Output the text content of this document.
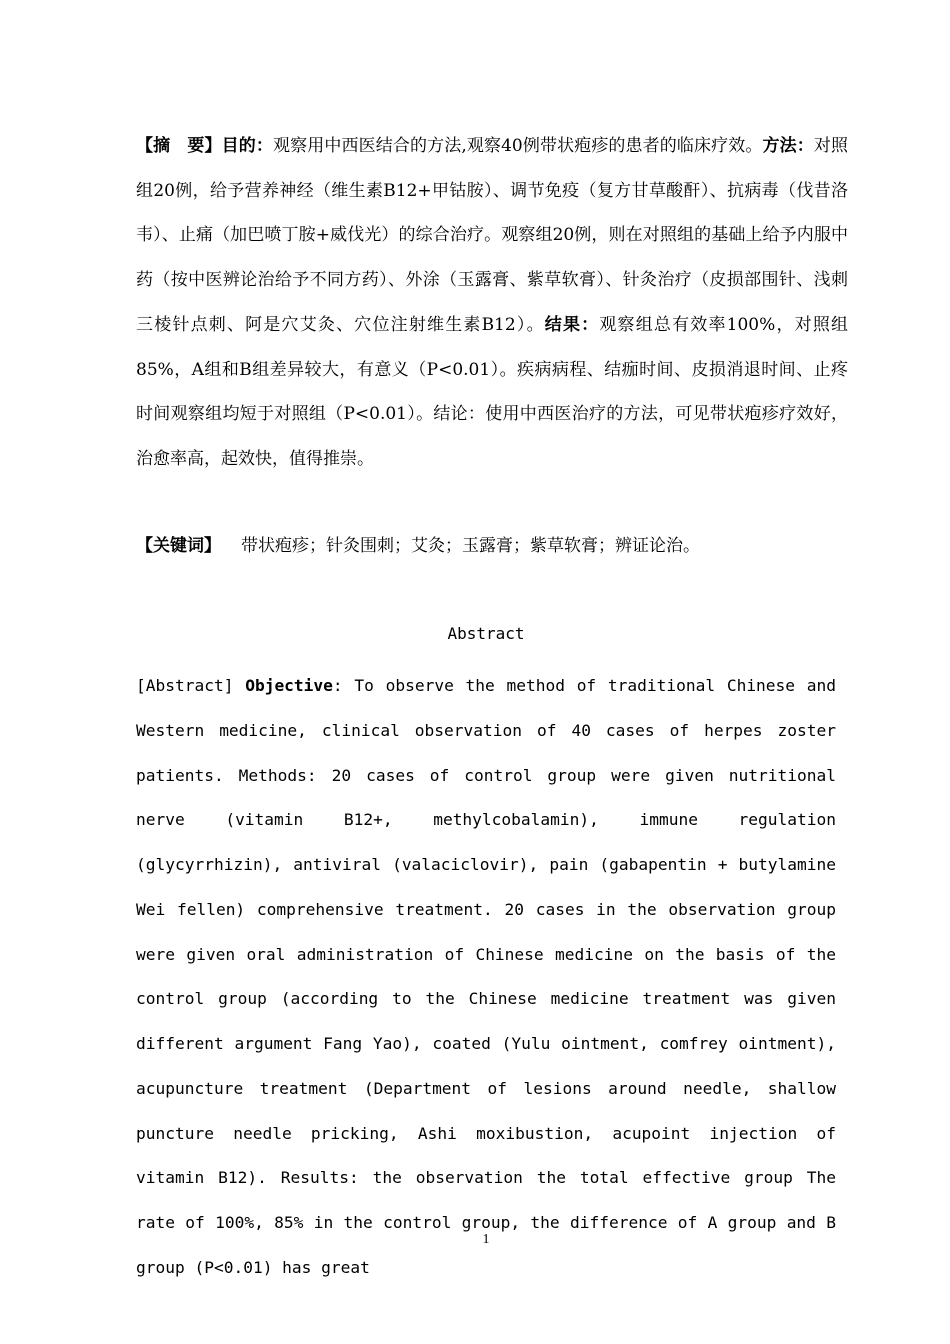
【摘　要】目的：观察用中西医结合的方法,观察40例带状疱疹的患者的临床疗效。方法：对照组20例，给予营养神经（维生素B12+甲钴胺）、调节免疫（复方甘草酸酐）、抗病毒（伐昔洛韦）、止痛（加巴喷丁胺+威伐光）的综合治疗。观察组20例，则在对照组的基础上给予内服中药（按中医辨论治给予不同方药）、外涂（玉露膏、紫草软膏）、针灸治疗（皮损部围针、浅刺三棱针点刺、阿是穴艾灸、穴位注射维生素B12）。结果：观察组总有效率100%，对照组85%，A组和B组差异较大，有意义（P<0.01）。疾病病程、结痂时间、皮损消退时间、止疼时间观察组均短于对照组（P<0.01）。结论：使用中西医治疗的方法，可见带状疱疹疗效好，治愈率高，起效快，值得推崇。

【关键词】 带状疱疹；针灸围刺；艾灸；玉露膏；紫草软膏；辨证论治。

Abstract

[Abstract] Objective: To observe the method of traditional Chinese and Western medicine, clinical observation of 40 cases of herpes zoster patients. Methods: 20 cases of control group were given nutritional nerve (vitamin B12+, methylcobalamin), immune regulation (glycyrrhizin), antiviral (valaciclovir), pain (gabapentin + butylamine Wei fellen) comprehensive treatment. 20 cases in the observation group were given oral administration of Chinese medicine on the basis of the control group (according to the Chinese medicine treatment was given different argument Fang Yao), coated (Yulu ointment, comfrey ointment), acupuncture treatment (Department of lesions around needle, shallow puncture needle pricking, Ashi moxibustion, acupoint injection of vitamin B12). Results: the observation the total effective group The rate of 100%, 85% in the control group, the difference of A group and B group (P<0.01) has great

1
